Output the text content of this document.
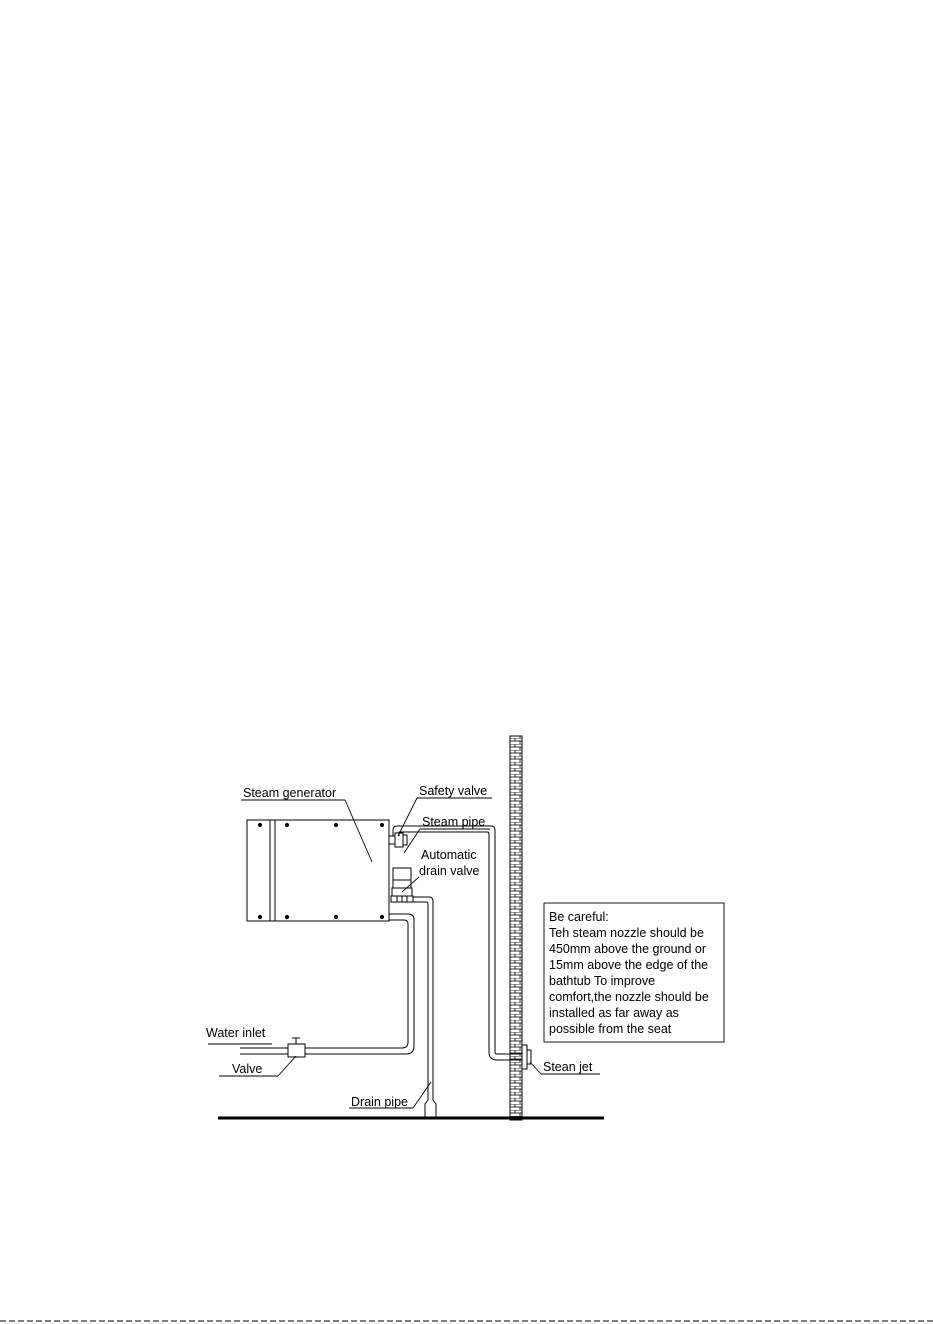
Steam generator	Safety valve
Steam pipe
Automatic
drain valve
Water inlet
Valve
Drain pipe
Stean jet
Be careful:
Teh steam nozzle should be
450mm above the ground or
15mm above the edge of the
bathtub To improve
comfort,the nozzle should be
installed as far away as
possible from the seat
